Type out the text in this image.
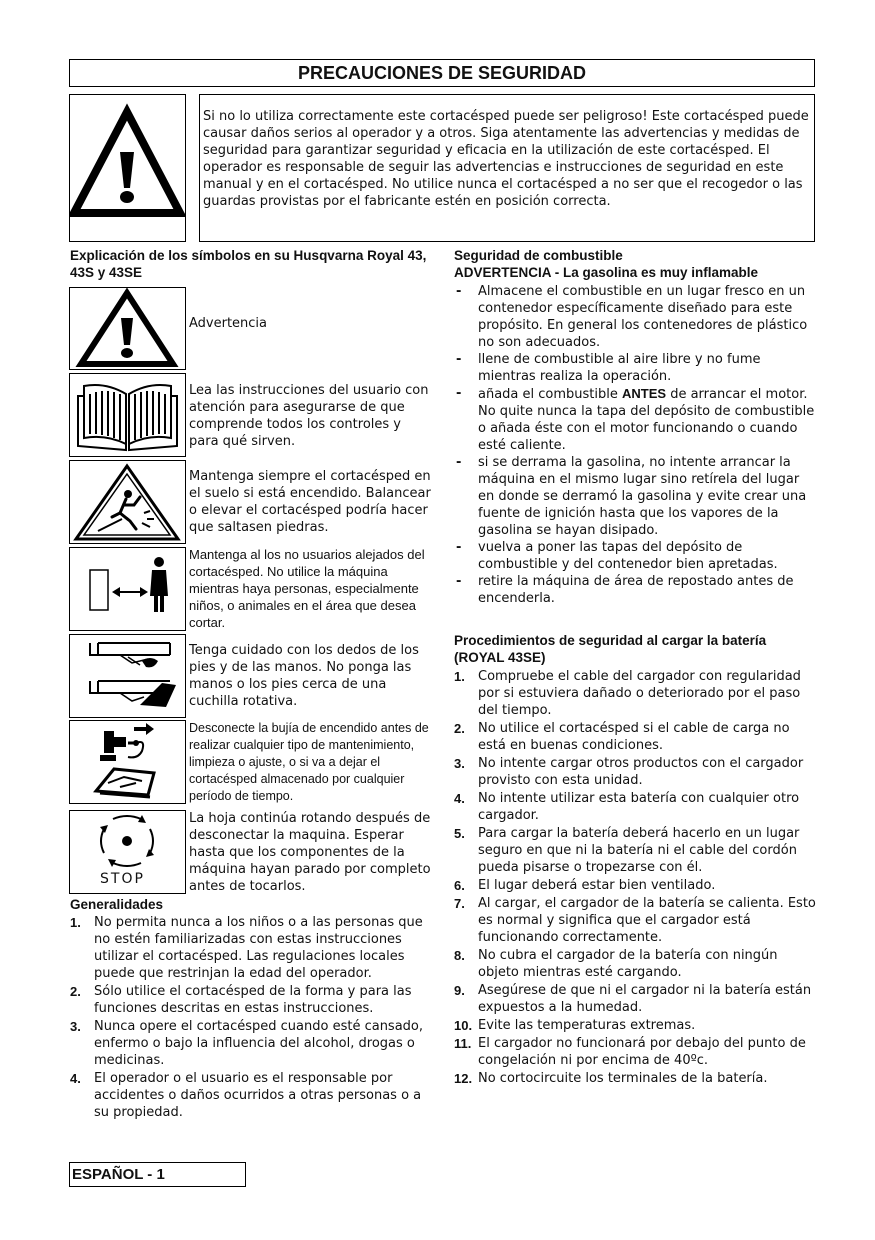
PRECAUCIONES DE SEGURIDAD
Si no lo utiliza correctamente este cortacésped puede ser peligroso! Este cortacésped puede causar daños serios al operador y a otros. Siga atentamente las advertencias y medidas de seguridad para garantizar seguridad y eficacia en la utilización de este cortacésped. El operador es responsable de seguir las advertencias e instrucciones de seguridad en este manual y en el cortacésped. No utilice nunca el cortacésped a no ser que el recogedor o las guardas provistas por el fabricante estén en posición correcta.
Explicación de los símbolos en su Husqvarna Royal 43, 43S y 43SE
Advertencia
Lea las instrucciones del usuario con atención para asegurarse de que comprende todos los controles y para qué sirven.
Mantenga siempre el cortacésped en el suelo si está encendido. Balancear o elevar el cortacésped podría hacer que saltasen piedras.
Mantenga al los no usuarios alejados del cortacésped. No utilice la máquina mientras haya personas, especialmente niños, o animales en el área que desea cortar.
Tenga cuidado con los dedos de los pies y de las manos. No ponga las manos o los pies cerca de una cuchilla rotativa.
Desconecte la bujía de encendido antes de realizar cualquier tipo de mantenimiento, limpieza o ajuste, o si va a dejar el cortacésped almacenado por cualquier período de tiempo.
STOP
La hoja continúa rotando después de desconectar la maquina. Esperar hasta que los componentes de la máquina hayan parado por completo antes de tocarlos.
Generalidades
1. No permita nunca a los niños o a las personas que no estén familiarizadas con estas instrucciones utilizar el cortacésped. Las regulaciones locales puede que restrinjan la edad del operador.
2. Sólo utilice el cortacésped de la forma y para las funciones descritas en estas instrucciones.
3. Nunca opere el cortacésped cuando esté cansado, enfermo o bajo la influencia del alcohol, drogas o medicinas.
4. El operador o el usuario es el responsable por accidentes o daños ocurridos a otras personas o a su propiedad.
Seguridad de combustible
ADVERTENCIA - La gasolina es muy inflamable
- Almacene el combustible en un lugar fresco en un contenedor específicamente diseñado para este propósito. En general los contenedores de plástico no son adecuados.
- llene de combustible al aire libre y no fume mientras realiza la operación.
- añada el combustible ANTES de arrancar el motor. No quite nunca la tapa del depósito de combustible o añada éste con el motor funcionando o cuando esté caliente.
- si se derrama la gasolina, no intente arrancar la máquina en el mismo lugar sino retírela del lugar en donde se derramó la gasolina y evite crear una fuente de ignición hasta que los vapores de la gasolina se hayan disipado.
- vuelva a poner las tapas del depósito de combustible y del contenedor bien apretadas.
- retire la máquina de área de repostado antes de encenderla.
Procedimientos de seguridad al cargar la batería (ROYAL 43SE)
1. Compruebe el cable del cargador con regularidad por si estuviera dañado o deteriorado por el paso del tiempo.
2. No utilice el cortacésped si el cable de carga no está en buenas condiciones.
3. No intente cargar otros productos con el cargador provisto con esta unidad.
4. No intente utilizar esta batería con cualquier otro cargador.
5. Para cargar la batería deberá hacerlo en un lugar seguro en que ni la batería ni el cable del cordón pueda pisarse o tropezarse con él.
6. El lugar deberá estar bien ventilado.
7. Al cargar, el cargador de la batería se calienta. Esto es normal y significa que el cargador está funcionando correctamente.
8. No cubra el cargador de la batería con ningún objeto mientras esté cargando.
9. Asegúrese de que ni el cargador ni la batería están expuestos a la humedad.
10. Evite las temperaturas extremas.
11. El cargador no funcionará por debajo del punto de congelación ni por encima de 40ºc.
12. No cortocircuite los terminales de la batería.
ESPAÑOL - 1
